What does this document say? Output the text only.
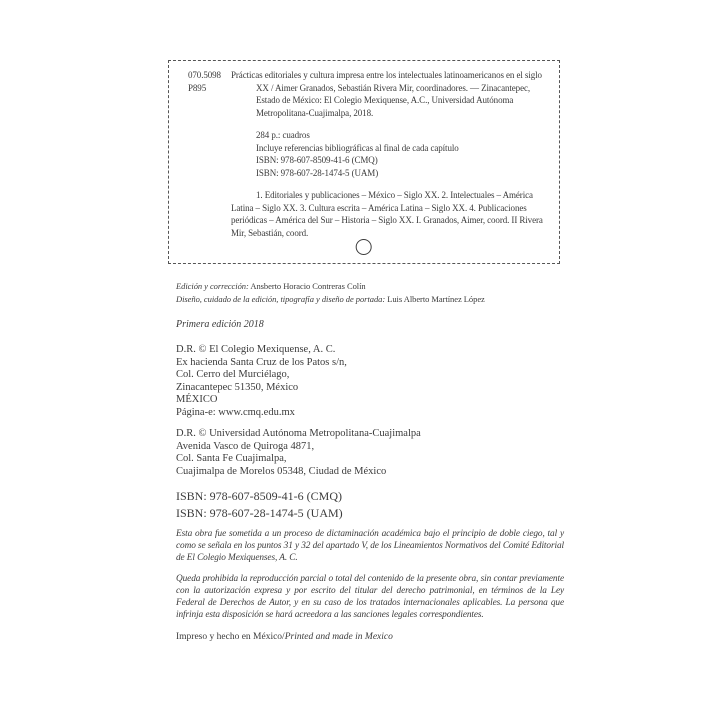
070.5098
P895

Prácticas editoriales y cultura impresa entre los intelectuales latinoamericanos en el siglo XX / Aimer Granados, Sebastián Rivera Mir, coordinadores. — Zinacantepec, Estado de México: El Colegio Mexiquense, A.C., Universidad Autónoma Metropolitana-Cuajimalpa, 2018.

284 p.: cuadros
Incluye referencias bibliográficas al final de cada capítulo
ISBN: 978-607-8509-41-6 (CMQ)
ISBN: 978-607-28-1474-5 (UAM)

1. Editoriales y publicaciones – México – Siglo XX. 2. Intelectuales – América Latina – Siglo XX. 3. Cultura escrita – América Latina – Siglo XX. 4. Publicaciones periódicas – América del Sur – Historia – Siglo XX. I. Granados, Aimer, coord. II Rivera Mir, Sebastián, coord.

Edición y corrección: Ansberto Horacio Contreras Colín
Diseño, cuidado de la edición, tipografía y diseño de portada: Luis Alberto Martínez López
Primera edición 2018
D.R. © El Colegio Mexiquense, A. C.
Ex hacienda Santa Cruz de los Patos s/n,
Col. Cerro del Murciélago,
Zinacantepec 51350, México
MÉXICO
Página-e: www.cmq.edu.mx
D.R. © Universidad Autónoma Metropolitana-Cuajimalpa
Avenida Vasco de Quiroga 4871,
Col. Santa Fe Cuajimalpa,
Cuajimalpa de Morelos 05348, Ciudad de México
ISBN: 978-607-8509-41-6 (CMQ)
ISBN: 978-607-28-1474-5 (UAM)

Esta obra fue sometida a un proceso de dictaminación académica bajo el principio de doble ciego, tal y como se señala en los puntos 31 y 32 del apartado V, de los Lineamientos Normativos del Comité Editorial de El Colegio Mexiquenses, A. C.

Queda prohibida la reproducción parcial o total del contenido de la presente obra, sin contar previamente con la autorización expresa y por escrito del titular del derecho patrimonial, en términos de la Ley Federal de Derechos de Autor, y en su caso de los tratados internacionales aplicables. La persona que infrinja esta disposición se hará acreedora a las sanciones legales correspondientes.

Impreso y hecho en México/Printed and made in Mexico
